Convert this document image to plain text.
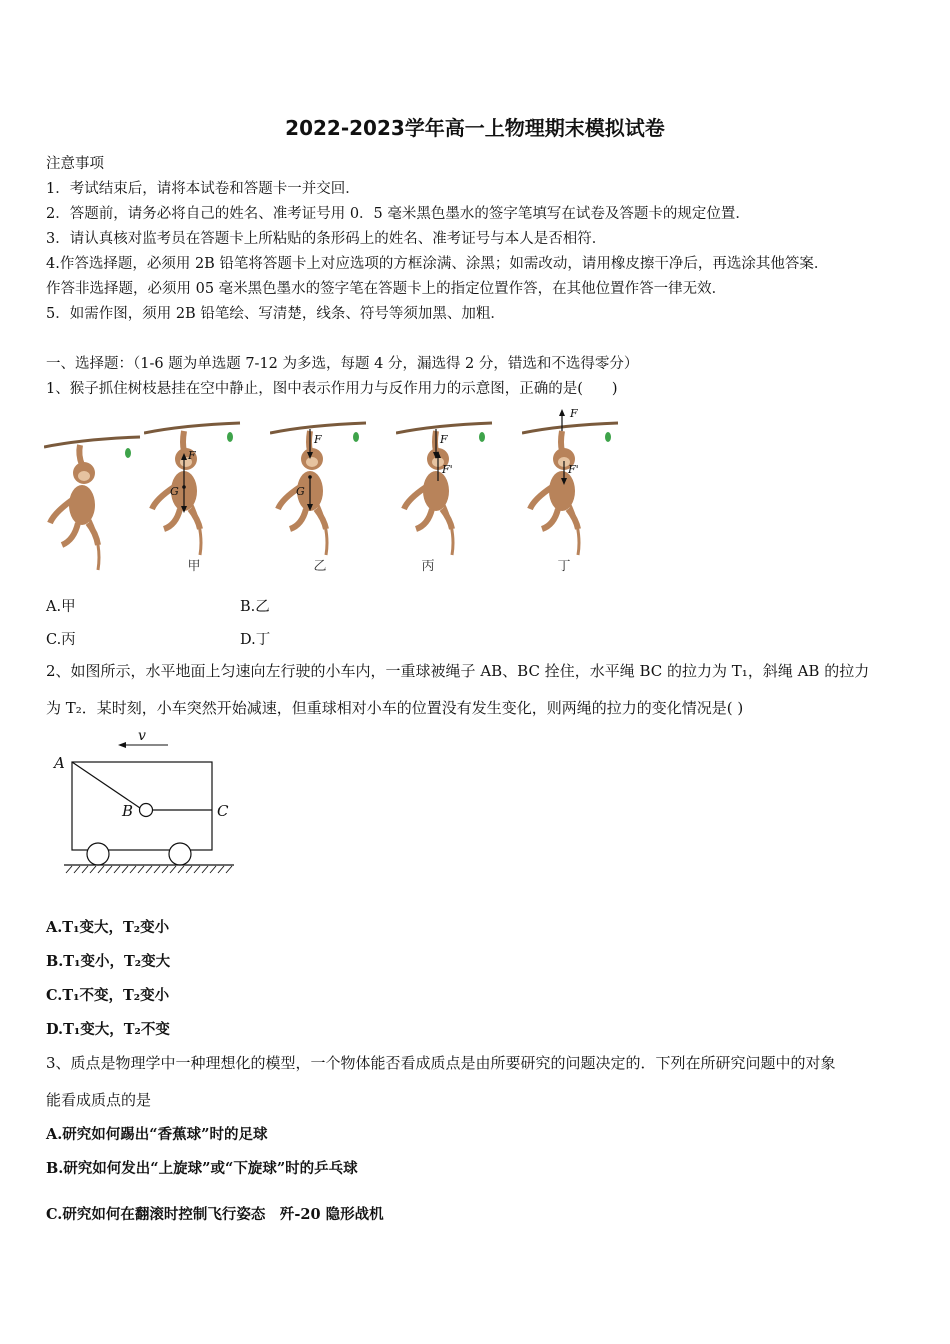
2022-2023学年高一上物理期末模拟试卷
注意事项
1．考试结束后，请将本试卷和答题卡一并交回．
2．答题前，请务必将自己的姓名、准考证号用 0．5 毫米黑色墨水的签字笔填写在试卷及答题卡的规定位置．
3．请认真核对监考员在答题卡上所粘贴的条形码上的姓名、准考证号与本人是否相符．
4.作答选择题，必须用 2B 铅笔将答题卡上对应选项的方框涂满、涂黑；如需改动，请用橡皮擦干净后，再选涂其他答案．
作答非选择题，必须用 05 毫米黑色墨水的签字笔在答题卡上的指定位置作答，在其他位置作答一律无效．
5．如需作图，须用 2B 铅笔绘、写清楚，线条、符号等须加黑、加粗．
一、选择题：（1-6 题为单选题 7-12 为多选，每题 4 分，漏选得 2 分，错选和不选得零分）
1、猴子抓住树枝悬挂在空中静止，图中表示作用力与反作用力的示意图，正确的是(　　)
F
G
甲
F
G
乙
F
F'
丙
F
F'
丁
A.甲	B.乙
C.丙	D.丁
2、如图所示，水平地面上匀速向左行驶的小车内，一重球被绳子 AB、BC 拴住，水平绳 BC 的拉力为 T₁，斜绳 AB 的拉力
为 T₂．某时刻，小车突然开始减速，但重球相对小车的位置没有发生变化，则两绳的拉力的变化情况是( )
v
A
B	C
A.T₁变大，T₂变小
B.T₁变小，T₂变大
C.T₁不变，T₂变小
D.T₁变大，T₂不变
3、质点是物理学中一种理想化的模型，一个物体能否看成质点是由所要研究的问题决定的．下列在所研究问题中的对象
能看成质点的是
A.研究如何踢出“香蕉球”时的足球
B.研究如何发出“上旋球”或“下旋球”时的乒乓球
C.研究如何在翻滚时控制飞行姿态　歼-20 隐形战机
